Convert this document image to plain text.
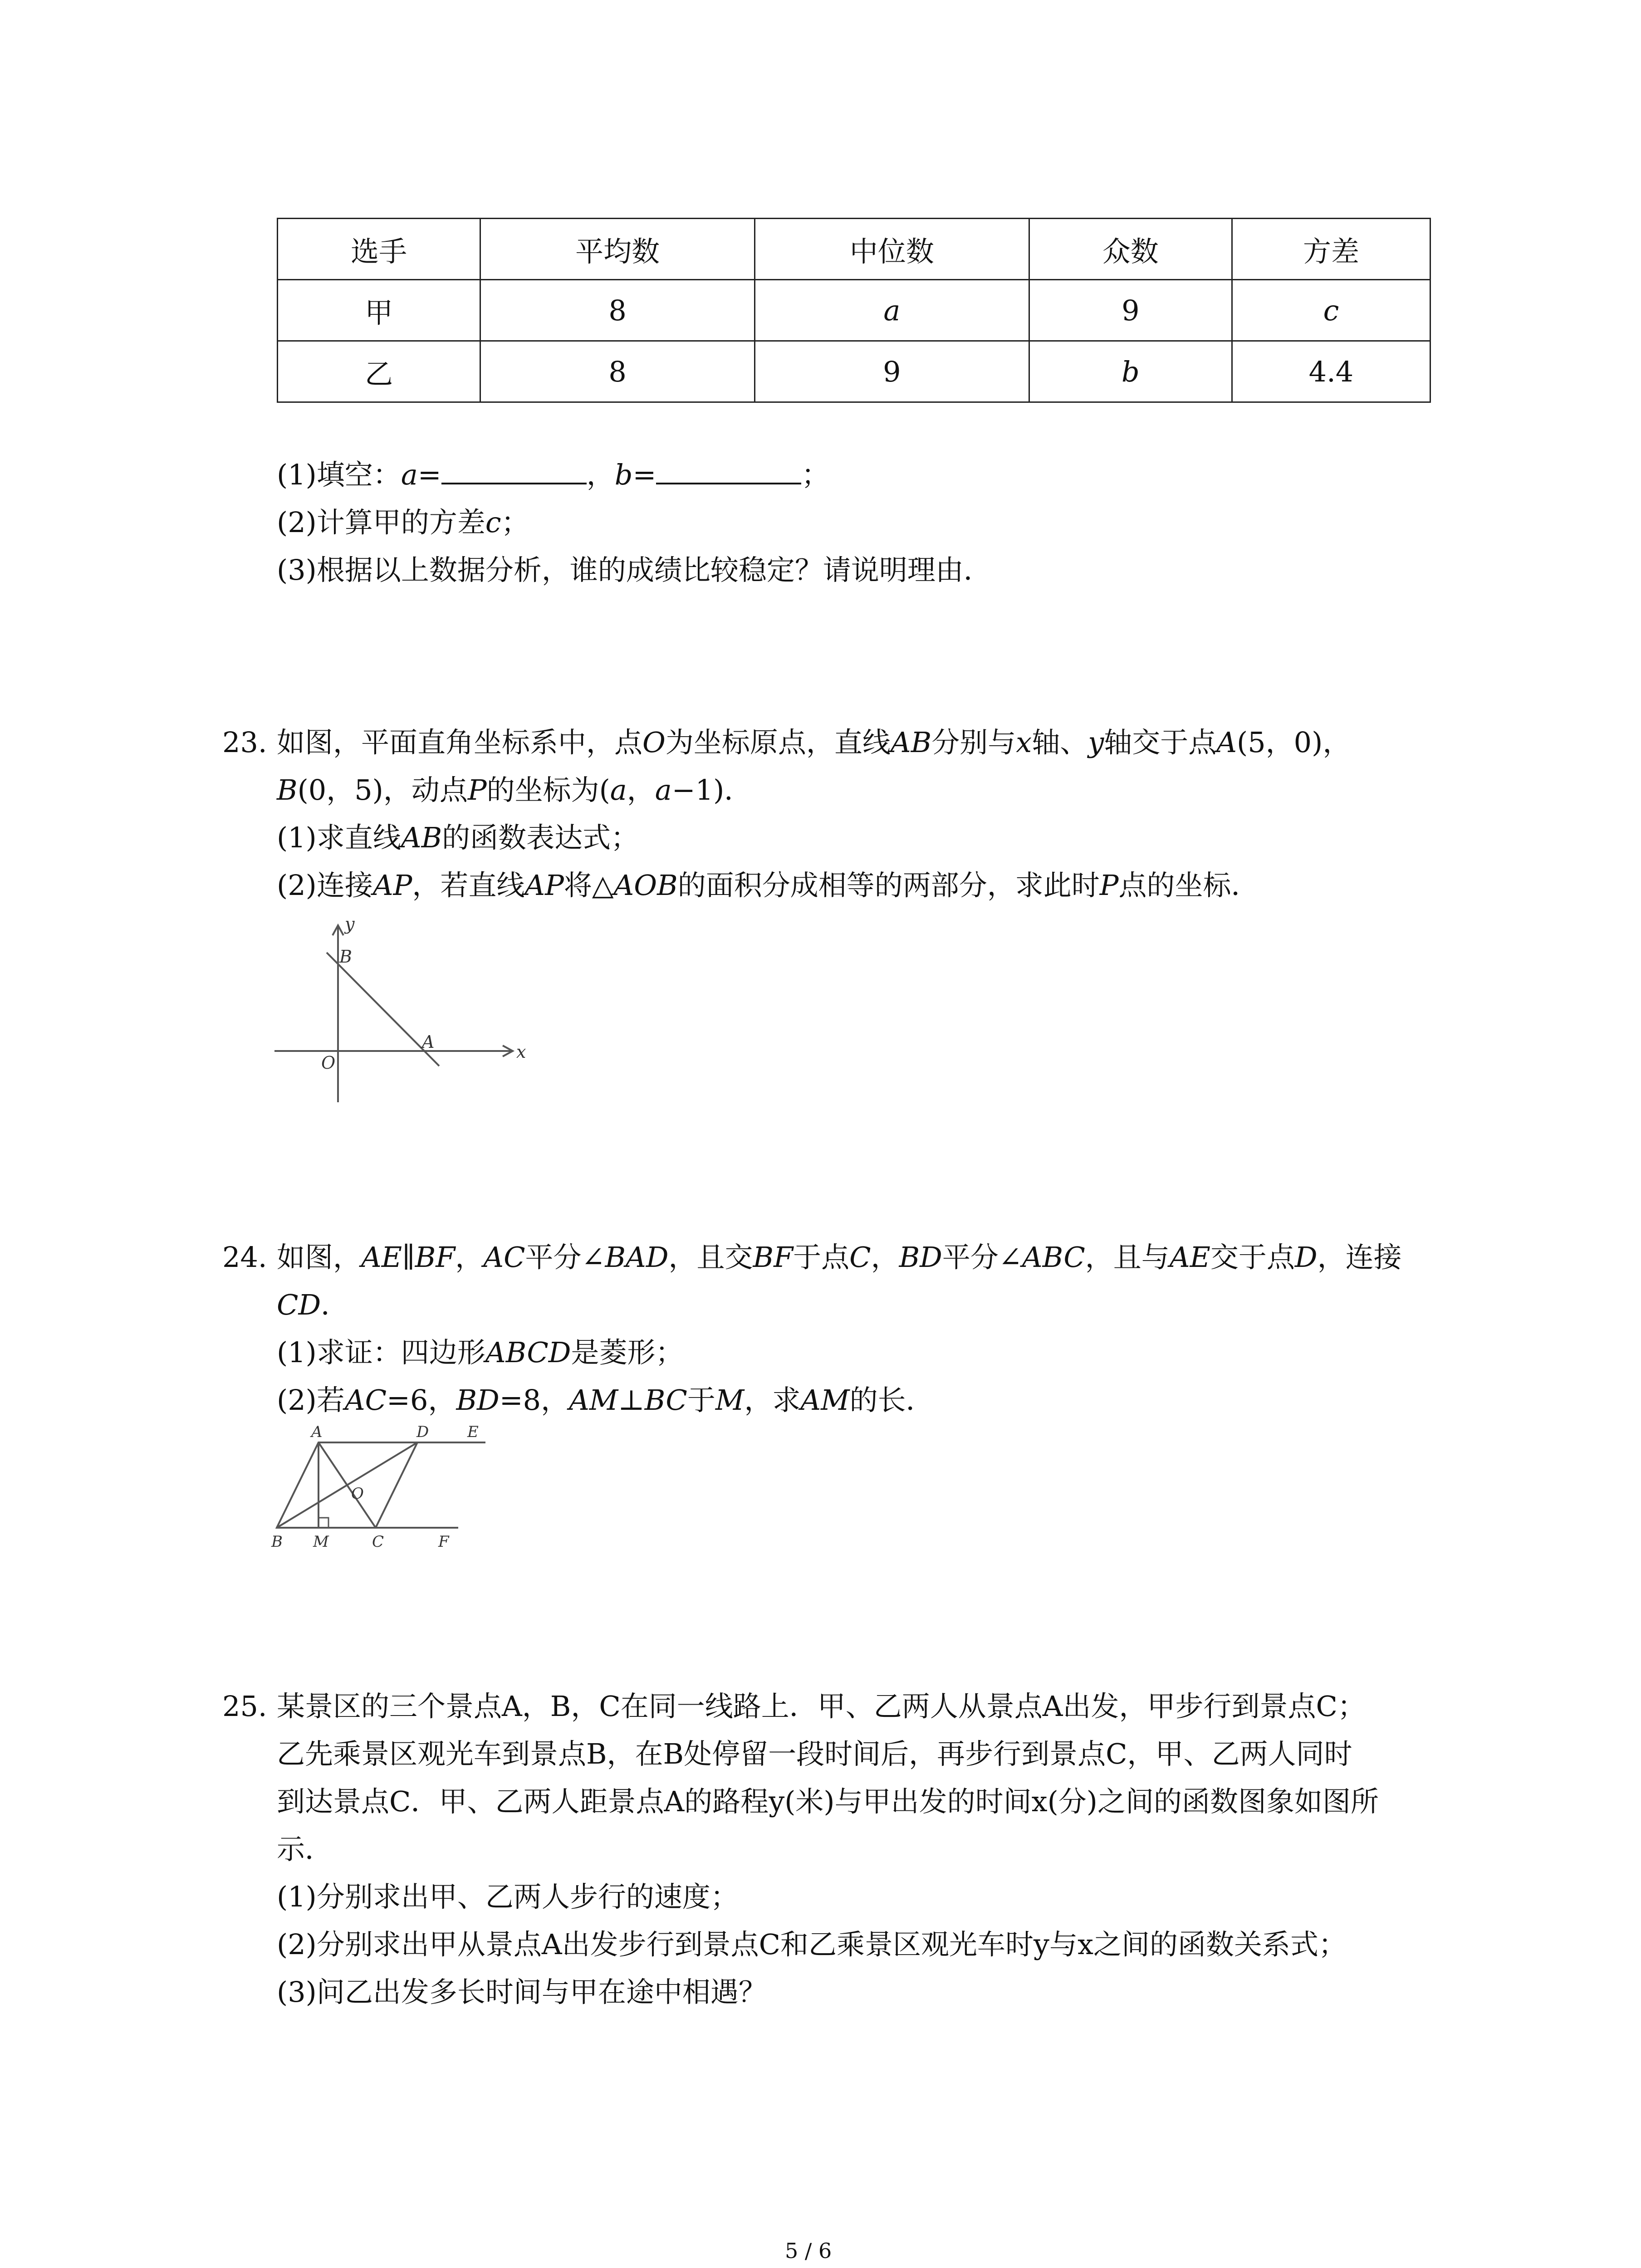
选手	平均数	中位数	众数	方差
甲	8	a	9	c
乙	8	9	b	4.4
(1)填空：a=	，b=	；
(2)计算甲的方差c；
(3)根据以上数据分析，谁的成绩比较稳定？请说明理由．
23. 如图，平面直角坐标系中，点O为坐标原点，直线AB分别与x轴、y轴交于点A(5，0)，
B(0，5)，动点P的坐标为(a，a−1)．
(1)求直线AB的函数表达式；
(2)连接AP，若直线AP将△AOB的面积分成相等的两部分，求此时P点的坐标．
y
B
O
A	x
24. 如图，AE∥BF，AC平分∠BAD，且交BF于点C，BD平分∠ABC，且与AE交于点D，连接
CD．
(1)求证：四边形ABCD是菱形；
(2)若AC=6，BD=8，AM⊥BC于M，求AM的长．
A	D E
O
B M	C	F
25. 某景区的三个景点A，B，C在同一线路上．甲、乙两人从景点A出发，甲步行到景点C；
乙先乘景区观光车到景点B，在B处停留一段时间后，再步行到景点C，甲、乙两人同时
到达景点C．甲、乙两人距景点A的路程y(米)与甲出发的时间x(分)之间的函数图象如图所
示．
(1)分别求出甲、乙两人步行的速度；
(2)分别求出甲从景点A出发步行到景点C和乙乘景区观光车时y与x之间的函数关系式；
(3)问乙出发多长时间与甲在途中相遇？
5 / 6
